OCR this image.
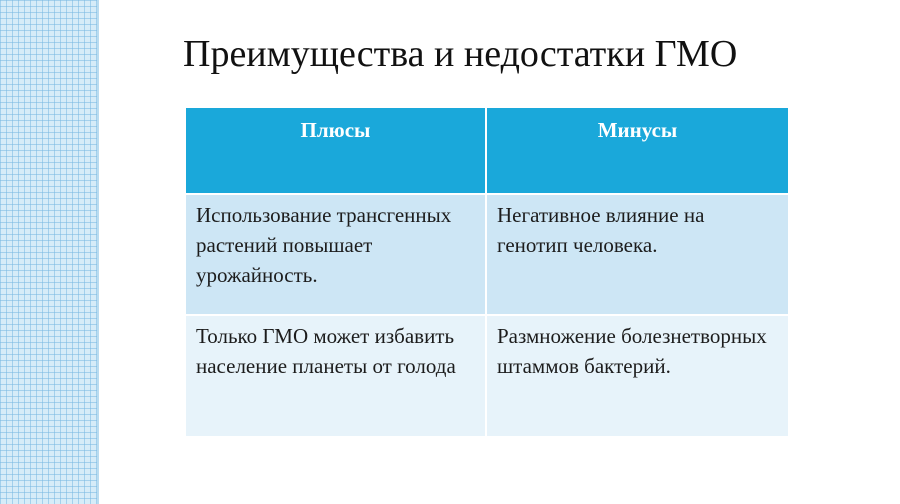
Преимущества и недостатки ГМО
Плюсы	Минусы
Использование трансгенных растений повышает урожайность.	Негативное влияние на генотип человека.
Только ГМО может избавить население планеты от голода	Размножение болезнетворных штаммов бактерий.
